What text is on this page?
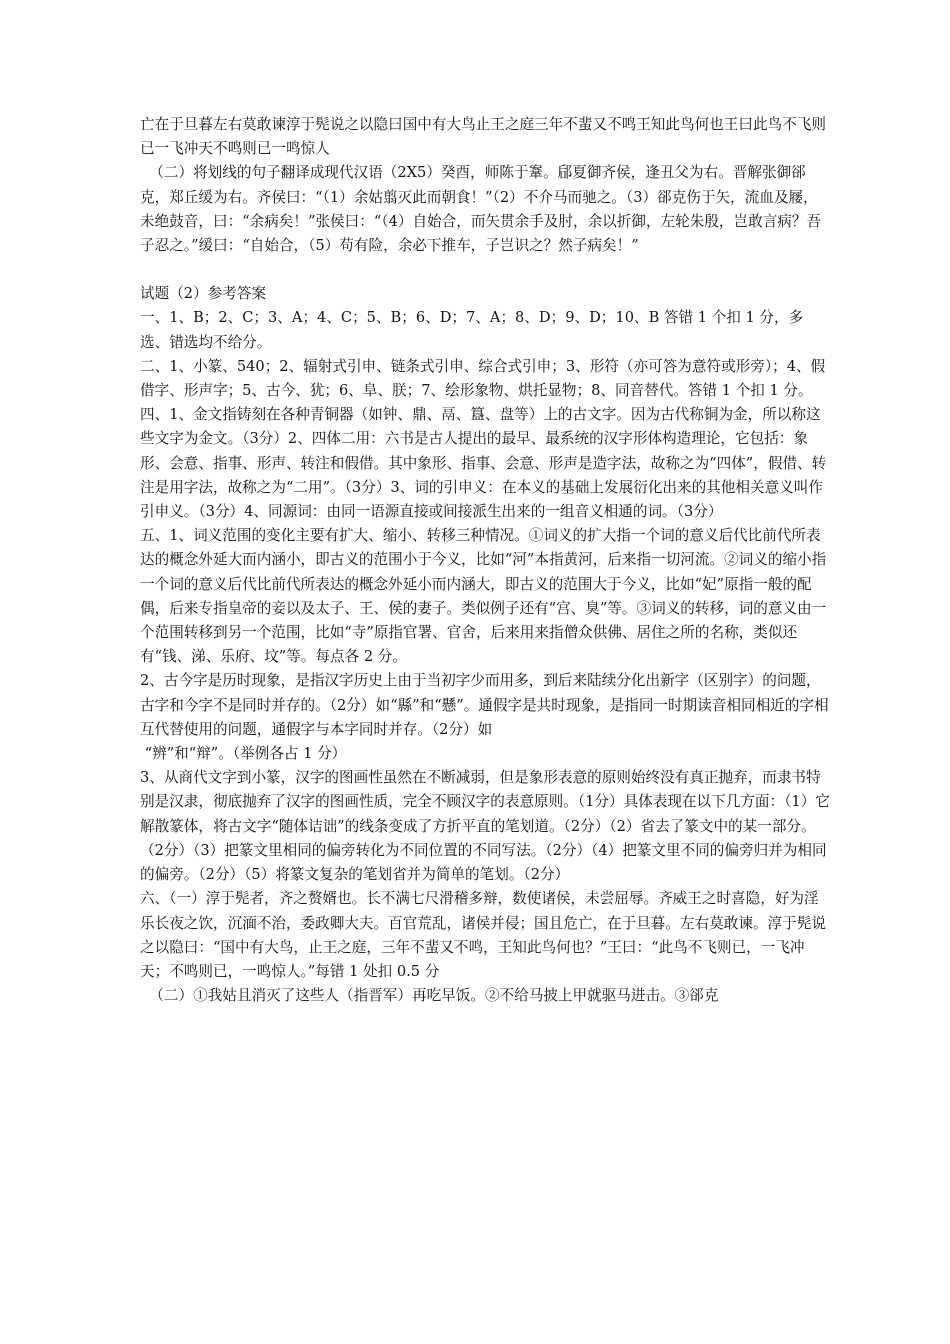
亡在于旦暮左右莫敢谏淳于髡说之以隐曰国中有大鸟止王之庭三年不蜚又不鸣王知此鸟何也王曰此鸟不飞则已一飞冲天不鸣则已一鸣惊人

（二）将划线的句子翻译成现代汉语（2X5）癸酉，师陈于鞌。郈夏御齐侯，逢丑父为右。晋解张御郤克，郑丘缓为右。齐侯曰：“（1）余姑翦灭此而朝食！”（2）不介马而驰之。（3）郤克伤于矢，流血及屦，未绝鼓音，曰：“余病矣！”张侯曰：“（4）自始合，而矢贯余手及肘，余以折御，左轮朱殷，岂敢言病？吾子忍之。”缓曰：“自始合，（5）苟有险，余必下推车，子岂识之？然子病矣！”

试题（2）参考答案

一、1、B；2、C；3、A；4、C；5、B；6、D；7、A；8、D；9、D；10、B 答错 1 个扣 1 分，多选、错选均不给分。

二、1、小篆、540；2、辐射式引申、链条式引申、综合式引申；3、形符（亦可答为意符或形旁）；4、假借字、形声字；5、古今、犹；6、阜、朕；7、绘形象物、烘托显物；8、同音替代。答错 1 个扣 1 分。

四、1、金文指铸刻在各种青铜器（如钟、鼎、鬲、簋、盘等）上的古文字。因为古代称铜为金，所以称这些文字为金文。（3分）2、四体二用：六书是古人提出的最早、最系统的汉字形体构造理论，它包括：象形、会意、指事、形声、转注和假借。其中象形、指事、会意、形声是造字法，故称之为“四体”，假借、转注是用字法，故称之为“二用”。（3分）3、词的引申义：在本义的基础上发展衍化出来的其他相关意义叫作引申义。（3分）4、同源词：由同一语源直接或间接派生出来的一组音义相通的词。（3分）

五、1、词义范围的变化主要有扩大、缩小、转移三种情况。①词义的扩大指一个词的意义后代比前代所表达的概念外延大而内涵小，即古义的范围小于今义，比如“河”本指黄河，后来指一切河流。②词义的缩小指一个词的意义后代比前代所表达的概念外延小而内涵大，即古义的范围大于今义，比如“妃”原指一般的配偶，后来专指皇帝的妾以及太子、王、侯的妻子。类似例子还有“宫、臭”等。③词义的转移，词的意义由一个范围转移到另一个范围，比如“寺”原指官署、官舍，后来用来指僧众供佛、居住之所的名称，类似还有“钱、涕、乐府、坟”等。每点各 2 分。

2、古今字是历时现象，是指汉字历史上由于当初字少而用多，到后来陆续分化出新字（区别字）的问题，古字和今字不是同时并存的。（2分）如“縣”和“懸”。通假字是共时现象，是指同一时期读音相同相近的字相互代替使用的问题，通假字与本字同时并存。（2分）如

“辨”和“辩”。（举例各占 1 分）

3、从商代文字到小篆，汉字的图画性虽然在不断减弱，但是象形表意的原则始终没有真正抛弃，而隶书特别是汉隶，彻底抛弃了汉字的图画性质，完全不顾汉字的表意原则。（1分）具体表现在以下几方面：（1）它解散篆体，将古文字“随体诘诎”的线条变成了方折平直的笔划道。（2分）（2）省去了篆文中的某一部分。（2分）（3）把篆文里相同的偏旁转化为不同位置的不同写法。（2分）（4）把篆文里不同的偏旁归并为相同的偏旁。（2分）（5）将篆文复杂的笔划省并为简单的笔划。（2分）

六、（一）淳于髡者，齐之赘婿也。长不满七尺滑稽多辩，数使诸侯，未尝屈辱。齐威王之时喜隐，好为淫乐长夜之饮，沉湎不治，委政卿大夫。百官荒乱，诸侯并侵；国且危亡，在于旦暮。左右莫敢谏。淳于髡说之以隐曰：“国中有大鸟，止王之庭，三年不蜚又不鸣，王知此鸟何也？”王曰：“此鸟不飞则已，一飞冲天；不鸣则已，一鸣惊人。”每错 1 处扣 0.5 分

（二）①我姑且消灭了这些人（指晋军）再吃早饭。②不给马披上甲就驱马进击。③郤克
